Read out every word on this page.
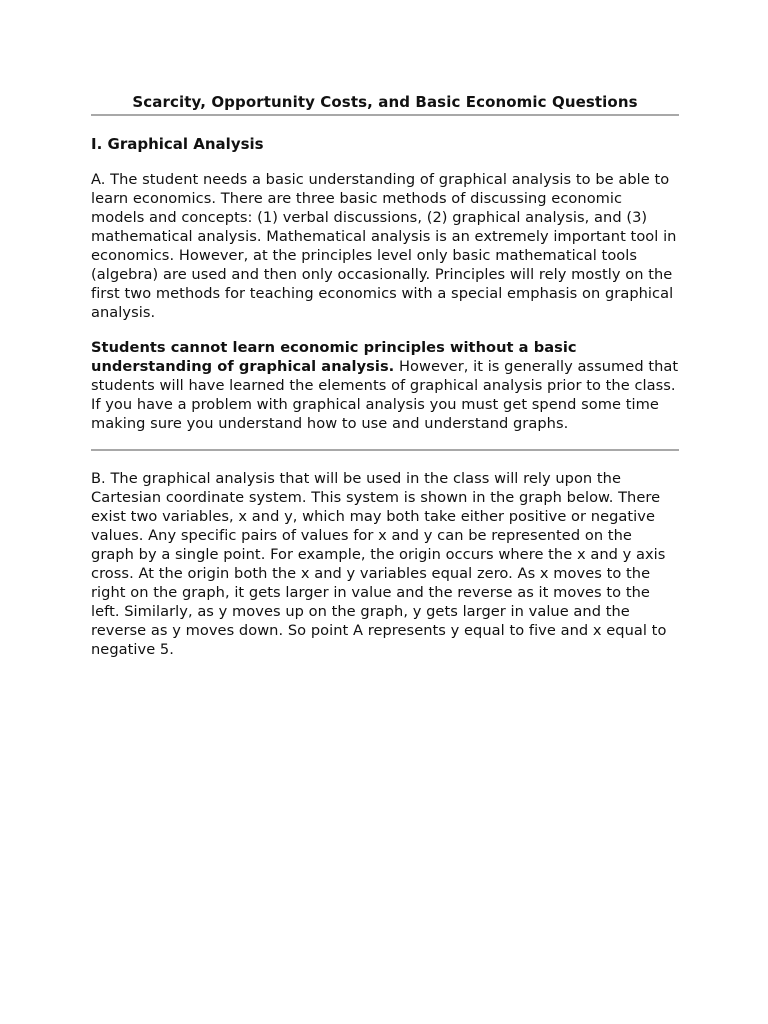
Scarcity, Opportunity Costs, and Basic Economic Questions
I. Graphical Analysis

A. The student needs a basic understanding of graphical analysis to be able to learn economics. There are three basic methods of discussing economic models and concepts: (1) verbal discussions, (2) graphical analysis, and (3) mathematical analysis. Mathematical analysis is an extremely important tool in economics. However, at the principles level only basic mathematical tools (algebra) are used and then only occasionally. Principles will rely mostly on the first two methods for teaching economics with a special emphasis on graphical analysis.

Students cannot learn economic principles without a basic understanding of graphical analysis. However, it is generally assumed that students will have learned the elements of graphical analysis prior to the class. If you have a problem with graphical analysis you must get spend some time making sure you understand how to use and understand graphs.

B. The graphical analysis that will be used in the class will rely upon the Cartesian coordinate system. This system is shown in the graph below. There exist two variables, x and y, which may both take either positive or negative values. Any specific pairs of values for x and y can be represented on the graph by a single point. For example, the origin occurs where the x and y axis cross. At the origin both the x and y variables equal zero. As x moves to the right on the graph, it gets larger in value and the reverse as it moves to the left. Similarly, as y moves up on the graph, y gets larger in value and the reverse as y moves down. So point A represents y equal to five and x equal to negative 5.
